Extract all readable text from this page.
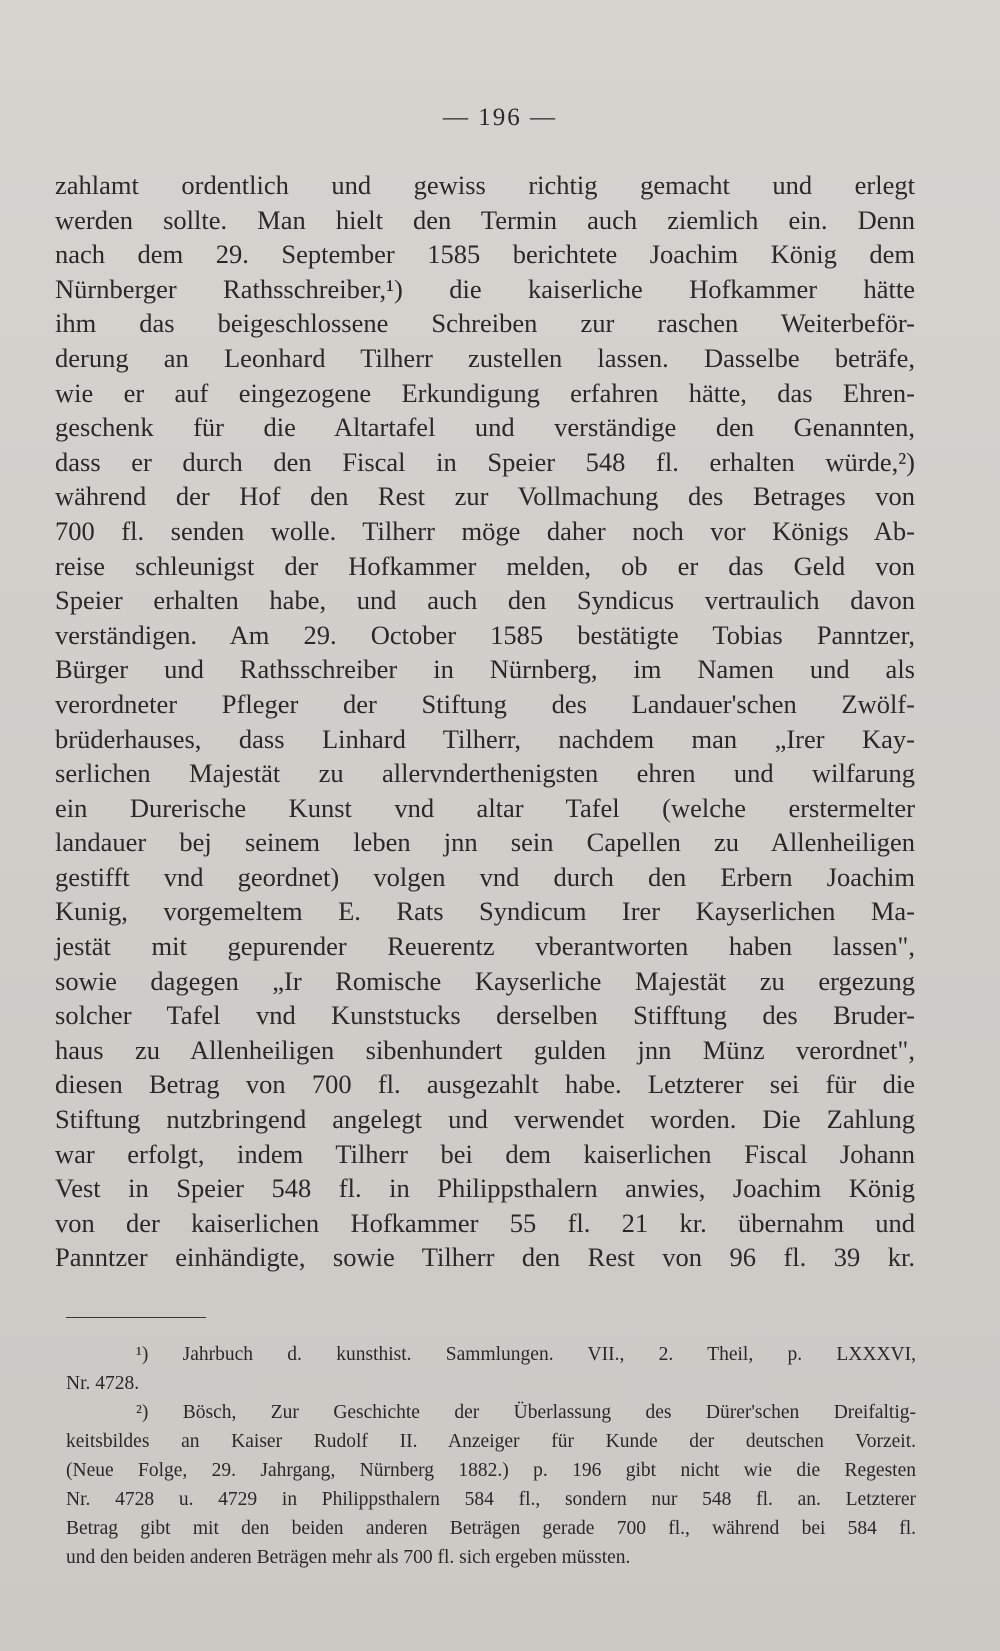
— 196 —
zahlamt ordentlich und gewiss richtig gemacht und erlegt
werden sollte. Man hielt den Termin auch ziemlich ein. Denn
nach dem 29. September 1585 berichtete Joachim König dem
Nürnberger Rathsschreiber,¹) die kaiserliche Hofkammer hätte
ihm das beigeschlossene Schreiben zur raschen Weiterbeför-
derung an Leonhard Tilherr zustellen lassen. Dasselbe beträfe,
wie er auf eingezogene Erkundigung erfahren hätte, das Ehren-
geschenk für die Altartafel und verständige den Genannten,
dass er durch den Fiscal in Speier 548 fl. erhalten würde,²)
während der Hof den Rest zur Vollmachung des Betrages von
700 fl. senden wolle. Tilherr möge daher noch vor Königs Ab-
reise schleunigst der Hofkammer melden, ob er das Geld von
Speier erhalten habe, und auch den Syndicus vertraulich davon
verständigen. Am 29. October 1585 bestätigte Tobias Panntzer,
Bürger und Rathsschreiber in Nürnberg, im Namen und als
verordneter Pfleger der Stiftung des Landauer'schen Zwölf-
brüderhauses, dass Linhard Tilherr, nachdem man „Irer Kay-
serlichen Majestät zu allervnderthenigsten ehren und wilfarung
ein Durerische Kunst vnd altar Tafel (welche erstermelter
landauer bej seinem leben jnn sein Capellen zu Allenheiligen
gestifft vnd geordnet) volgen vnd durch den Erbern Joachim
Kunig, vorgemeltem E. Rats Syndicum Irer Kayserlichen Ma-
jestät mit gepurender Reuerentz vberantworten haben lassen",
sowie dagegen „Ir Romische Kayserliche Majestät zu ergezung
solcher Tafel vnd Kunststucks derselben Stifftung des Bruder-
haus zu Allenheiligen sibenhundert gulden jnn Münz verordnet",
diesen Betrag von 700 fl. ausgezahlt habe. Letzterer sei für die
Stiftung nutzbringend angelegt und verwendet worden. Die Zahlung
war erfolgt, indem Tilherr bei dem kaiserlichen Fiscal Johann
Vest in Speier 548 fl. in Philippsthalern anwies, Joachim König
von der kaiserlichen Hofkammer 55 fl. 21 kr. übernahm und
Panntzer einhändigte, sowie Tilherr den Rest von 96 fl. 39 kr.
¹) Jahrbuch d. kunsthist. Sammlungen. VII., 2. Theil, p. LXXXVI,
Nr. 4728.
²) Bösch, Zur Geschichte der Überlassung des Dürer'schen Dreifaltig-
keitsbildes an Kaiser Rudolf II. Anzeiger für Kunde der deutschen Vorzeit.
(Neue Folge, 29. Jahrgang, Nürnberg 1882.) p. 196 gibt nicht wie die Regesten
Nr. 4728 u. 4729 in Philippsthalern 584 fl., sondern nur 548 fl. an. Letzterer
Betrag gibt mit den beiden anderen Beträgen gerade 700 fl., während bei 584 fl.
und den beiden anderen Beträgen mehr als 700 fl. sich ergeben müssten.
